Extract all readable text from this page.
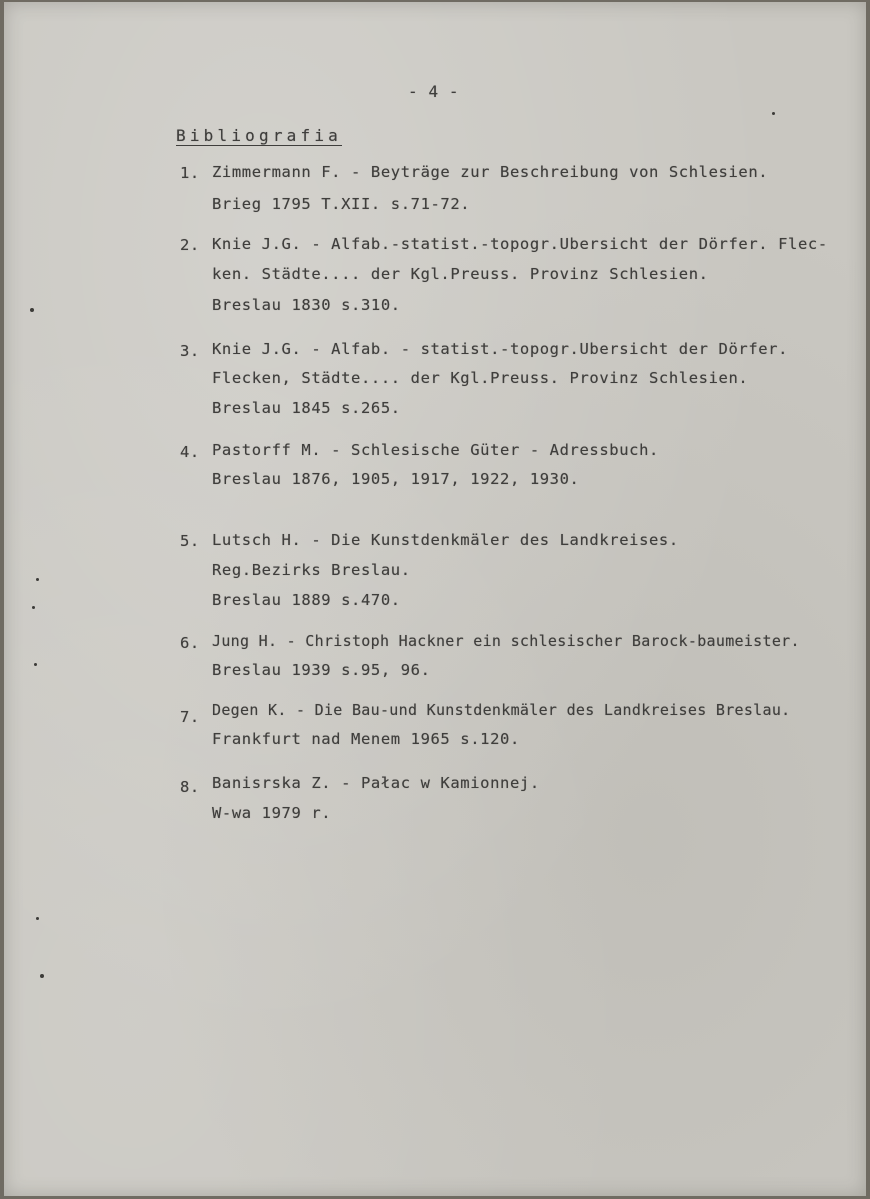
- 4 -

Bibliografia

1. Zimmermann F. - Beyträge zur Beschreibung von Schlesien.

Brieg 1795 T.XII. s.71-72.

2. Knie J.G. - Alfab.-statist.-topogr.Ubersicht der Dörfer. Flec-

ken. Städte.... der Kgl.Preuss. Provinz Schlesien.

Breslau 1830 s.310.

3. Knie J.G. - Alfab. - statist.-topogr.Ubersicht der Dörfer.

Flecken, Städte.... der Kgl.Preuss. Provinz Schlesien.

Breslau 1845 s.265.

4. Pastorff M. - Schlesische Güter - Adressbuch.

Breslau 1876, 1905, 1917, 1922, 1930.

5. Lutsch H. - Die Kunstdenkmäler des Landkreises.

Reg.Bezirks Breslau.

Breslau 1889 s.470.

6. Jung H. - Christoph Hackner ein schlesischer Barock-baumeister.

Breslau 1939 s.95, 96.

7. Degen K. - Die Bau-und Kunstdenkmäler des Landkreises Breslau.

Frankfurt nad Menem 1965 s.120.

8. Banisrska Z. - Pałac w Kamionnej.

W-wa 1979 r.
